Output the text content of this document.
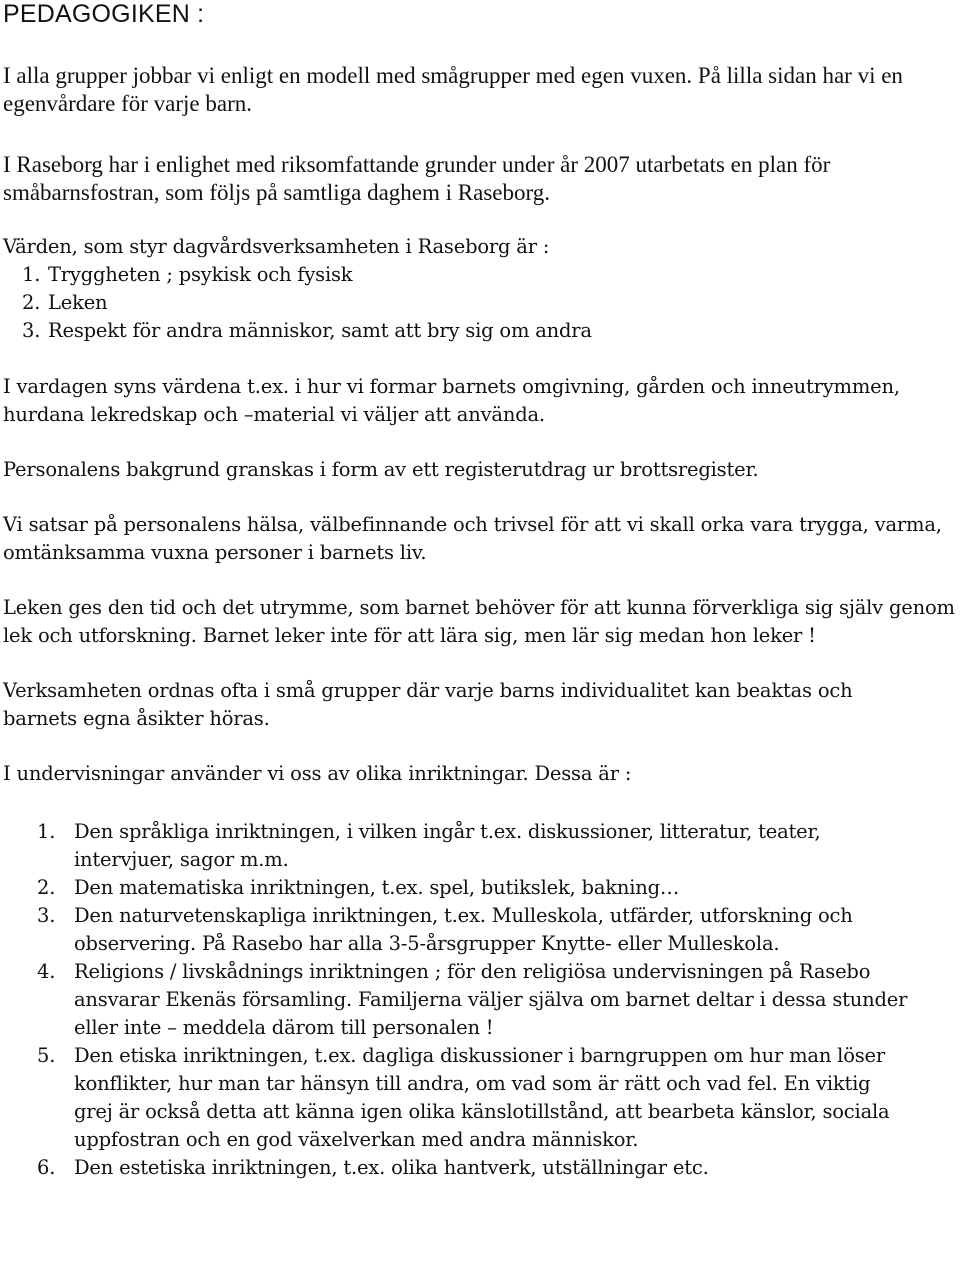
PEDAGOGIKEN :

I alla grupper jobbar vi enligt en modell med smågrupper med egen vuxen. På lilla sidan har vi en egenvårdare för varje barn.

I Raseborg har i enlighet med riksomfattande grunder under år 2007 utarbetats en plan för småbarnsfostran, som följs på samtliga daghem i Raseborg.

Värden, som styr dagvårdsverksamheten i Raseborg är :

1. Tryggheten ; psykisk och fysisk
2. Leken
3. Respekt för andra människor, samt att bry sig om andra

I vardagen syns värdena t.ex. i hur vi formar barnets omgivning, gården och inneutrymmen, hurdana lekredskap och –material vi väljer att använda.

Personalens bakgrund granskas i form av ett registerutdrag ur brottsregister.

Vi satsar på personalens hälsa, välbefinnande och trivsel för att vi skall orka vara trygga, varma, omtänksamma vuxna personer i barnets liv.

Leken ges den tid och det utrymme, som barnet behöver för att kunna förverkliga sig själv genom lek och utforskning. Barnet leker inte för att lära sig, men lär sig medan hon leker !

Verksamheten ordnas ofta i små grupper där varje barns individualitet kan beaktas och barnets egna åsikter höras.

I undervisningar använder vi oss av olika inriktningar. Dessa är :

1. Den språkliga inriktningen, i vilken ingår t.ex. diskussioner, litteratur, teater, intervjuer, sagor m.m.
2. Den matematiska inriktningen, t.ex. spel, butikslek, bakning…
3. Den naturvetenskapliga inriktningen, t.ex. Mulleskola, utfärder, utforskning och observering. På Rasebo har alla 3-5-årsgrupper Knytte- eller Mulleskola.
4. Religions / livskådnings inriktningen ; för den religiösa undervisningen på Rasebo ansvarar Ekenäs församling. Familjerna väljer själva om barnet deltar i dessa stunder eller inte – meddela därom till personalen !
5. Den etiska inriktningen, t.ex. dagliga diskussioner i barngruppen om hur man löser konflikter, hur man tar hänsyn till andra, om vad som är rätt och vad fel. En viktig grej är också detta att känna igen olika känslotillstånd, att bearbeta känslor, sociala uppfostran och en god växelverkan med andra människor.
6. Den estetiska inriktningen, t.ex. olika hantverk, utställningar etc.
